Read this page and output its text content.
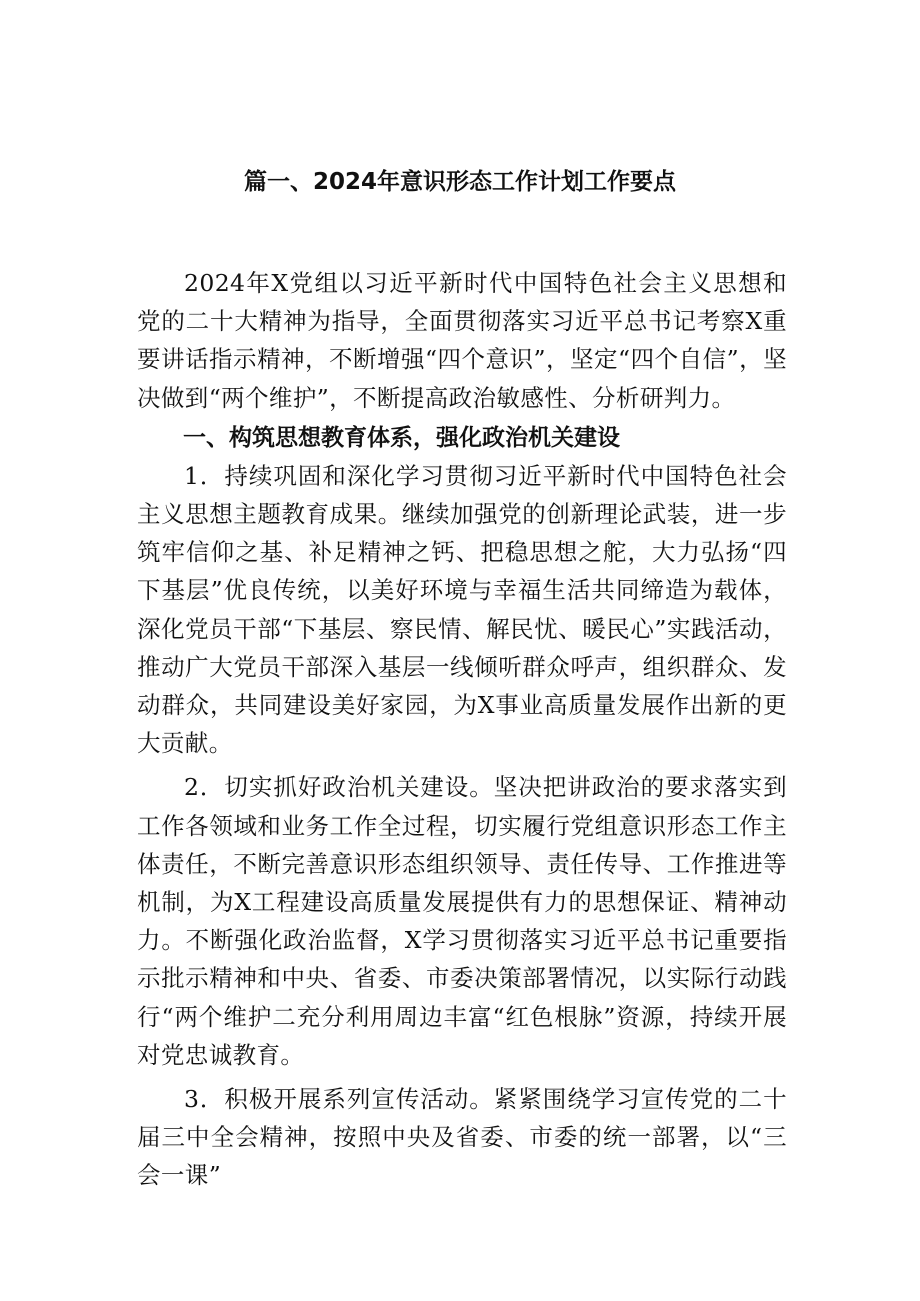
篇一、2024年意识形态工作计划工作要点

2024年X党组以习近平新时代中国特色社会主义思想和党的二十大精神为指导，全面贯彻落实习近平总书记考察X重要讲话指示精神，不断增强“四个意识”，坚定“四个自信”，坚决做到“两个维护”，不断提高政治敏感性、分析研判力。

一、构筑思想教育体系，强化政治机关建设

1．持续巩固和深化学习贯彻习近平新时代中国特色社会主义思想主题教育成果。继续加强党的创新理论武装，进一步筑牢信仰之基、补足精神之钙、把稳思想之舵，大力弘扬“四下基层”优良传统，以美好环境与幸福生活共同缔造为载体，深化党员干部“下基层、察民情、解民忧、暖民心”实践活动，推动广大党员干部深入基层一线倾听群众呼声，组织群众、发动群众，共同建设美好家园，为X事业高质量发展作出新的更大贡献。

2．切实抓好政治机关建设。坚决把讲政治的要求落实到工作各领域和业务工作全过程，切实履行党组意识形态工作主体责任，不断完善意识形态组织领导、责任传导、工作推进等机制，为X工程建设高质量发展提供有力的思想保证、精神动力。不断强化政治监督，X学习贯彻落实习近平总书记重要指示批示精神和中央、省委、市委决策部署情况，以实际行动践行“两个维护二充分利用周边丰富“红色根脉”资源，持续开展对党忠诚教育。

3．积极开展系列宣传活动。紧紧围绕学习宣传党的二十届三中全会精神，按照中央及省委、市委的统一部署，以“三会一课”
